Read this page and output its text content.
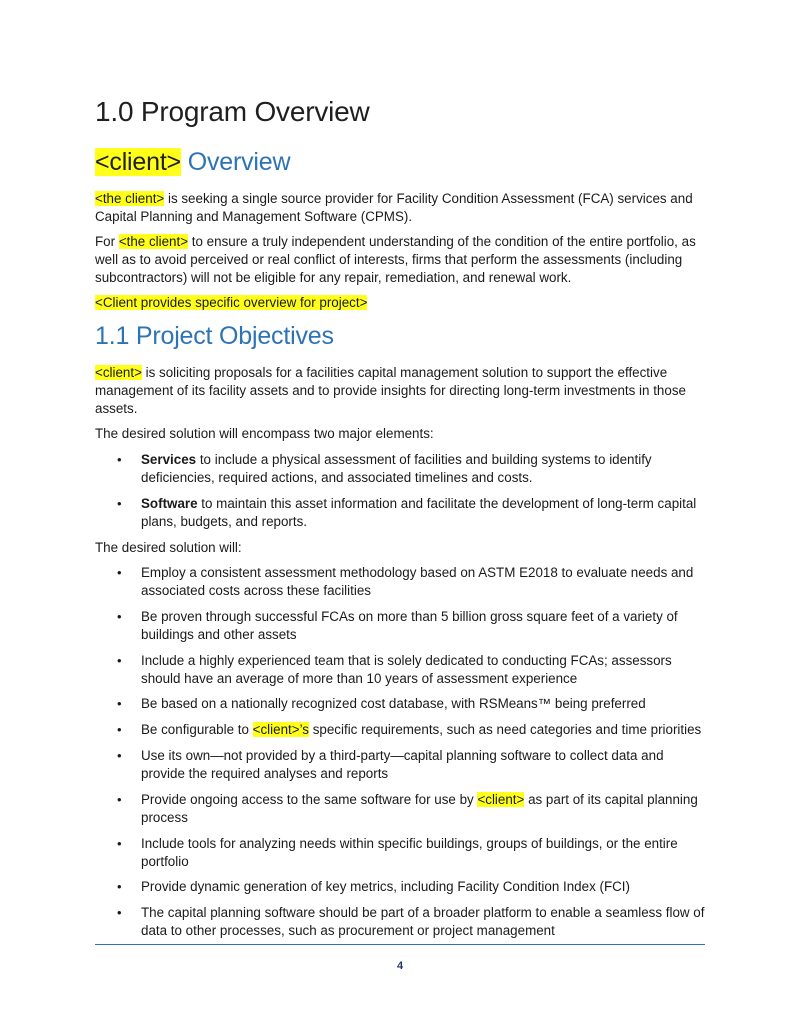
1.0 Program Overview
<client> Overview

<the client> is seeking a single source provider for Facility Condition Assessment (FCA) services and Capital Planning and Management Software (CPMS).

For <the client> to ensure a truly independent understanding of the condition of the entire portfolio, as well as to avoid perceived or real conflict of interests, firms that perform the assessments (including subcontractors) will not be eligible for any repair, remediation, and renewal work.

<Client provides specific overview for project>

1.1 Project Objectives

<client> is soliciting proposals for a facilities capital management solution to support the effective management of its facility assets and to provide insights for directing long-term investments in those assets.

The desired solution will encompass two major elements:

• Services to include a physical assessment of facilities and building systems to identify deficiencies, required actions, and associated timelines and costs.
• Software to maintain this asset information and facilitate the development of long-term capital plans, budgets, and reports.

The desired solution will:

• Employ a consistent assessment methodology based on ASTM E2018 to evaluate needs and associated costs across these facilities
• Be proven through successful FCAs on more than 5 billion gross square feet of a variety of buildings and other assets
• Include a highly experienced team that is solely dedicated to conducting FCAs; assessors should have an average of more than 10 years of assessment experience
• Be based on a nationally recognized cost database, with RSMeans™ being preferred
• Be configurable to <client>’s specific requirements, such as need categories and time priorities
• Use its own—not provided by a third-party—capital planning software to collect data and provide the required analyses and reports
• Provide ongoing access to the same software for use by <client> as part of its capital planning process
• Include tools for analyzing needs within specific buildings, groups of buildings, or the entire portfolio
• Provide dynamic generation of key metrics, including Facility Condition Index (FCI)
• The capital planning software should be part of a broader platform to enable a seamless flow of data to other processes, such as procurement or project management
4
